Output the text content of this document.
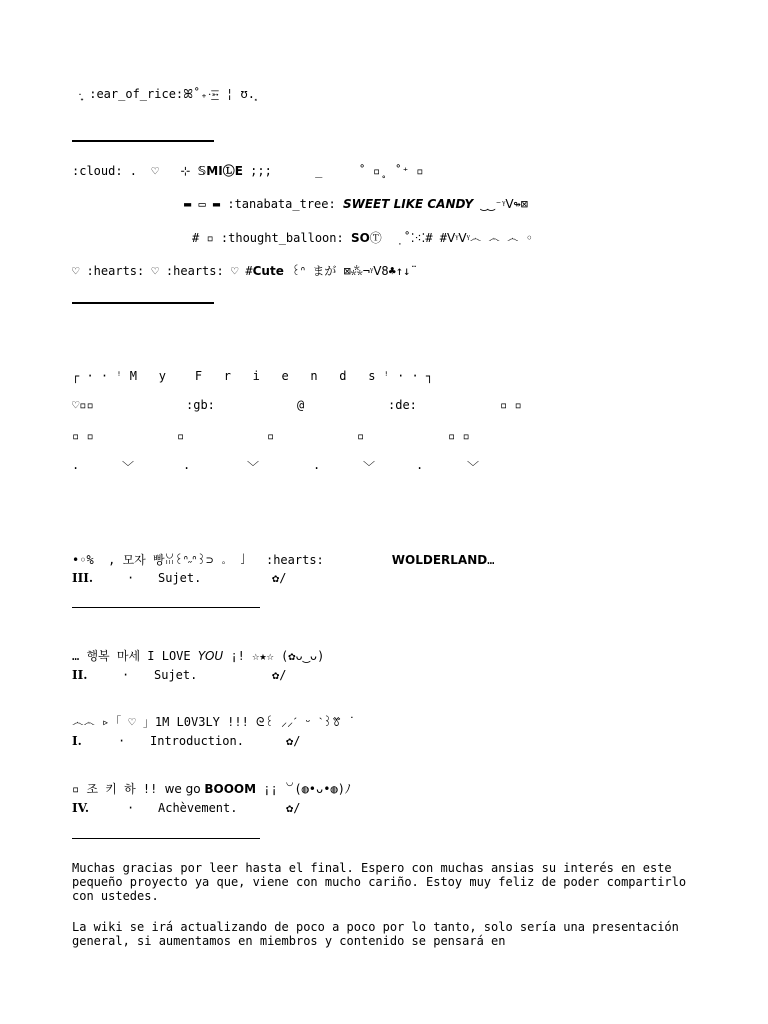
·̩͙ :ear_of_rice:ꕤ˚₊·͟͟͞͞➳ ¦ ʊ.⸼
:cloud: .  ♡   ⊹ 𝕊MIⓁE ;;;      _     ˚ ▫˳ ˚⁺ ▫
▬ ▭ ▬ :tanabata_tree: SWEET LIKE CANDY ‿‿⁻ᵞᐯ↬⊠
# ▫ :thought_balloon: SOⓉ  ̣ ˚⁚⁖⁚# #ᐯᵞᐯᵞ෴ ෴ ෴ ◦
♡ :hearts: ♡ :hearts: ♡ #Cute ꒰ᐢ まが ⊠⁂¬ᵞᐯ8♣↑↓¨
┌ · · ꜝ M   y    F   r   i   e   n   d   s ꜝ · · ┐
♡▫▫	:gb:	@	:de:	▫ ▫
▫ ▫	▫	▫	▫	▫ ▫
.	﹀	.	﹀	.	﹀	.	﹀
•◦%  , 모자 빵ꈍ꒰ᐢ˶ᐢ꒱⊃ ｡  ｣   :hearts:	WOLDERLAND…
III.	· Sujet.	✿/
… 행복 마세 I LOVE YOU ¡! ☆★☆ (✿ᴗ‿ᴗ)
II.	· Sujet.	✿/
෴෴ ▹「 ♡ 」1M L0V3LY !!! ᘓ꒰ ⸝⸝ˊ ᵕ ˋ꒱ꔢ ˙
I.	· Introduction.	✿/
▫ 조 키 하 !! we go BOOOM ¡¡ ꒡(◍•ᴗ•◍)ﾉ
IV.	· Achèvement.	✿/
Muchas gracias por leer hasta el final. Espero con muchas ansias su interés en este pequeño proyecto ya que, viene con mucho cariño. Estoy muy feliz de poder compartirlo con ustedes.
La wiki se irá actualizando de poco a poco por lo tanto, solo sería una presentación general, si aumentamos en miembros y contenido se pensará en
